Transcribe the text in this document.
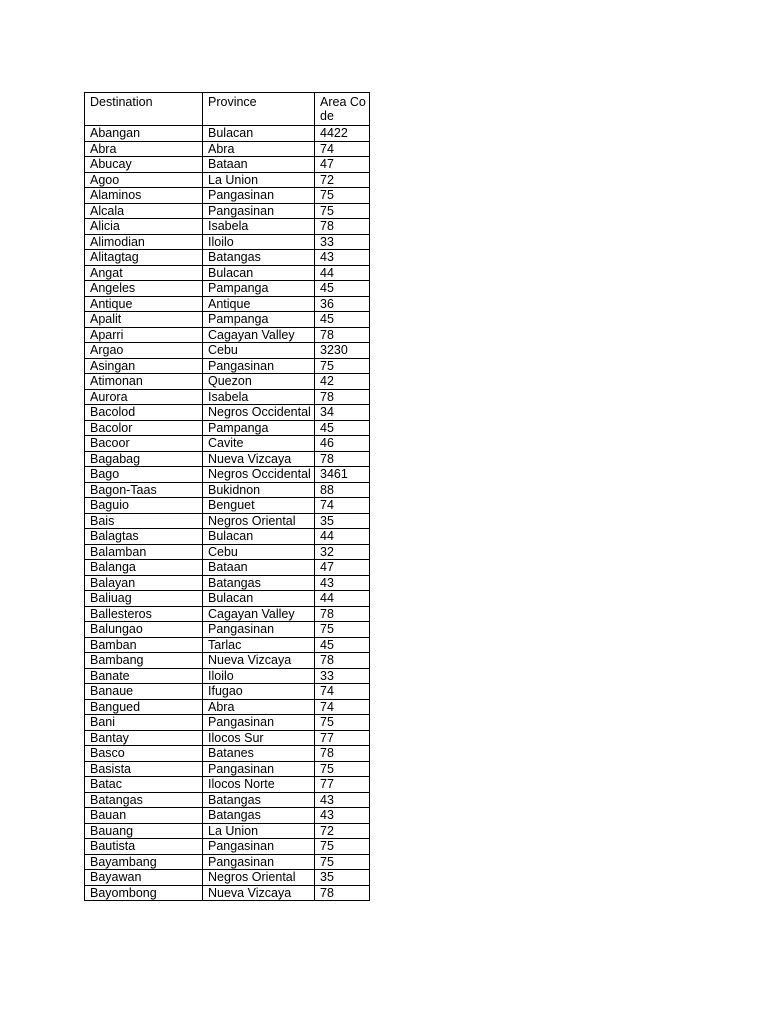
Destination	Province	Area Code
Abangan	Bulacan	4422
Abra	Abra	74
Abucay	Bataan	47
Agoo	La Union	72
Alaminos	Pangasinan	75
Alcala	Pangasinan	75
Alicia	Isabela	78
Alimodian	Iloilo	33
Alitagtag	Batangas	43
Angat	Bulacan	44
Angeles	Pampanga	45
Antique	Antique	36
Apalit	Pampanga	45
Aparri	Cagayan Valley	78
Argao	Cebu	3230
Asingan	Pangasinan	75
Atimonan	Quezon	42
Aurora	Isabela	78
Bacolod	Negros Occidental	34
Bacolor	Pampanga	45
Bacoor	Cavite	46
Bagabag	Nueva Vizcaya	78
Bago	Negros Occidental	3461
Bagon-Taas	Bukidnon	88
Baguio	Benguet	74
Bais	Negros Oriental	35
Balagtas	Bulacan	44
Balamban	Cebu	32
Balanga	Bataan	47
Balayan	Batangas	43
Baliuag	Bulacan	44
Ballesteros	Cagayan Valley	78
Balungao	Pangasinan	75
Bamban	Tarlac	45
Bambang	Nueva Vizcaya	78
Banate	Iloilo	33
Banaue	Ifugao	74
Bangued	Abra	74
Bani	Pangasinan	75
Bantay	Ilocos Sur	77
Basco	Batanes	78
Basista	Pangasinan	75
Batac	Ilocos Norte	77
Batangas	Batangas	43
Bauan	Batangas	43
Bauang	La Union	72
Bautista	Pangasinan	75
Bayambang	Pangasinan	75
Bayawan	Negros Oriental	35
Bayombong	Nueva Vizcaya	78
